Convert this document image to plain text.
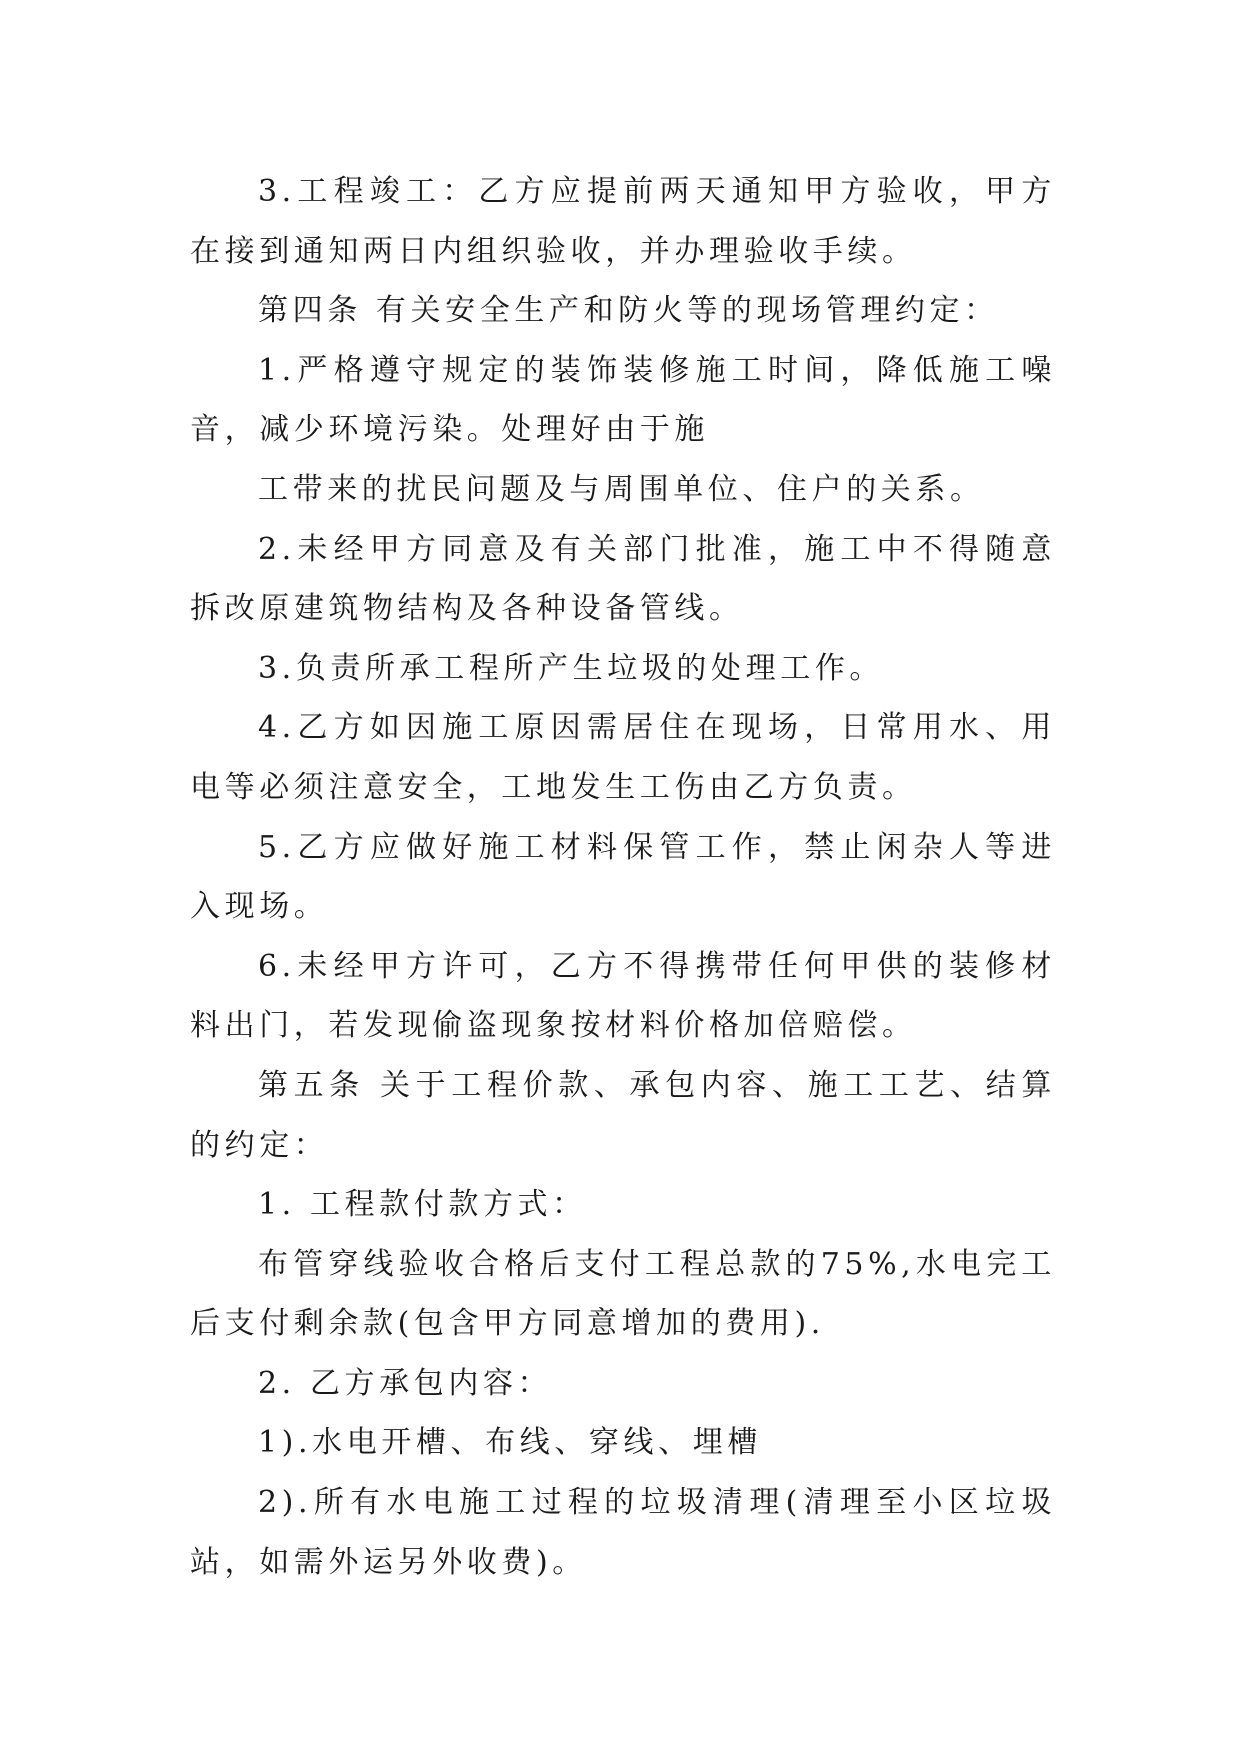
3.工程竣工：乙方应提前两天通知甲方验收，甲方在接到通知两日内组织验收，并办理验收手续。

第四条 有关安全生产和防火等的现场管理约定：

1.严格遵守规定的装饰装修施工时间，降低施工噪音，减少环境污染。处理好由于施

工带来的扰民问题及与周围单位、住户的关系。

2.未经甲方同意及有关部门批准，施工中不得随意拆改原建筑物结构及各种设备管线。

3.负责所承工程所产生垃圾的处理工作。

4.乙方如因施工原因需居住在现场，日常用水、用电等必须注意安全，工地发生工伤由乙方负责。

5.乙方应做好施工材料保管工作，禁止闲杂人等进入现场。

6.未经甲方许可，乙方不得携带任何甲供的装修材料出门，若发现偷盗现象按材料价格加倍赔偿。

第五条 关于工程价款、承包内容、施工工艺、结算的约定：

1. 工程款付款方式：

布管穿线验收合格后支付工程总款的75%,水电完工后支付剩余款(包含甲方同意增加的费用).

2. 乙方承包内容：

1).水电开槽、布线、穿线、埋槽

2).所有水电施工过程的垃圾清理(清理至小区垃圾站，如需外运另外收费)。
